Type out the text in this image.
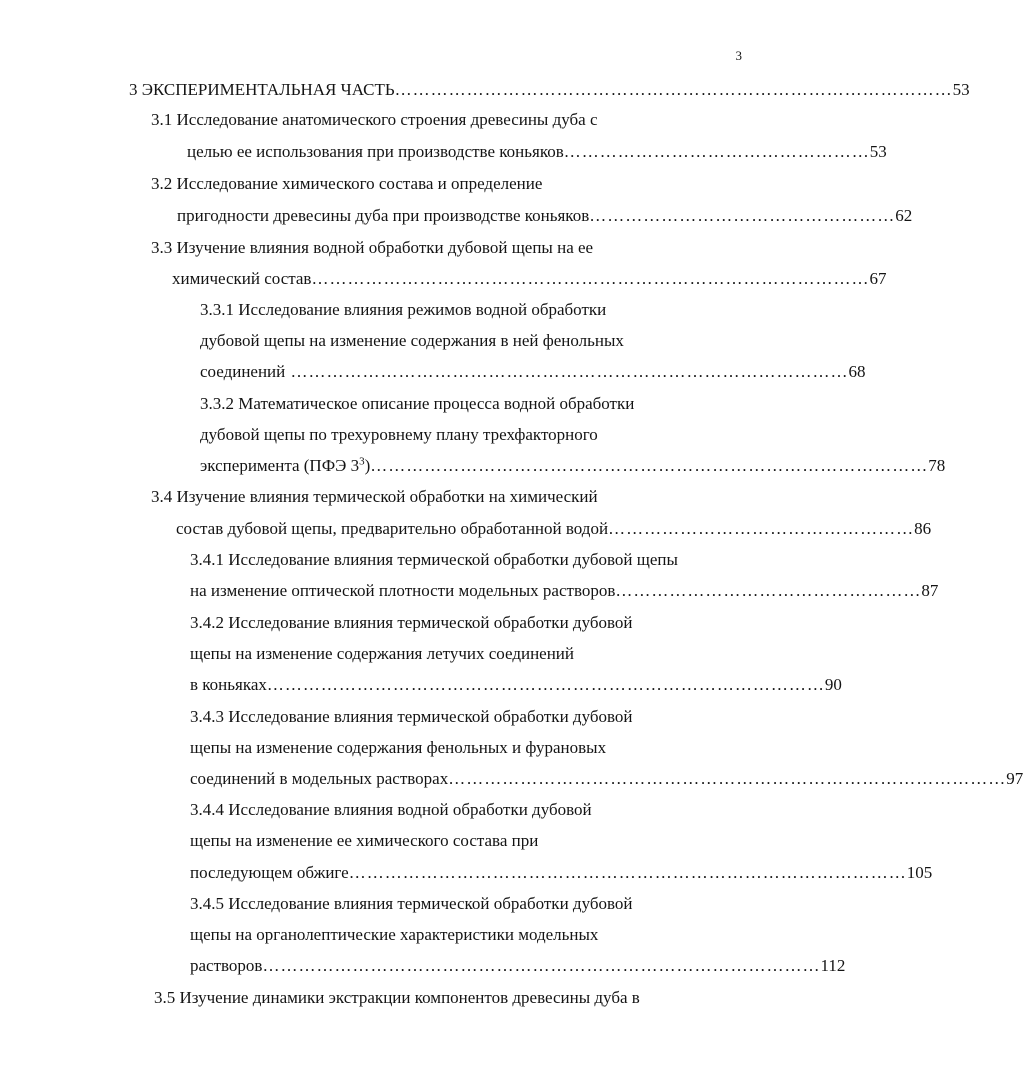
3
3 ЭКСПЕРИМЕНТАЛЬНАЯ ЧАСТЬ ………………………………………………………………………………… 53
3.1 Исследование анатомического строения древесины дуба с
целью ее использования при производстве коньяков …………………………………………… 53
3.2 Исследование химического состава и определение
пригодности древесины дуба при производстве коньяков …………………………………………… 62
3.3 Изучение влияния водной обработки дубовой щепы на ее
химический состав ………………………………………………………………………………… 67
3.3.1 Исследование влияния режимов водной обработки
дубовой щепы на изменение содержания в ней фенольных
соединений ………………………………………………………………………………… 68
3.3.2 Математическое описание процесса водной обработки
дубовой щепы по трехуровнему плану трехфакторного
эксперимента (ПФЭ $3^3$) ………………………………………………………………………………… 78
3.4 Изучение влияния термической обработки на химический
состав дубовой щепы, предварительно обработанной водой …………………………………………… 86
3.4.1 Исследование влияния термической обработки дубовой щепы
на изменение оптической плотности модельных растворов …………………………………………… 87
3.4.2 Исследование влияния термической обработки дубовой
щепы на изменение содержания летучих соединений
в коньяках ………………………………………………………………………………… 90
3.4.3 Исследование влияния термической обработки дубовой
щепы на изменение содержания фенольных и фурановых
соединений в модельных растворах ………………………………………………………………………………… 97
3.4.4 Исследование влияния водной обработки дубовой
щепы на изменение ее химического состава при
последующем обжиге ………………………………………………………………………………… 105
3.4.5 Исследование влияния термической обработки дубовой
щепы на органолептические характеристики модельных
растворов ………………………………………………………………………………… 112
3.5 Изучение динамики экстракции компонентов древесины дуба в
